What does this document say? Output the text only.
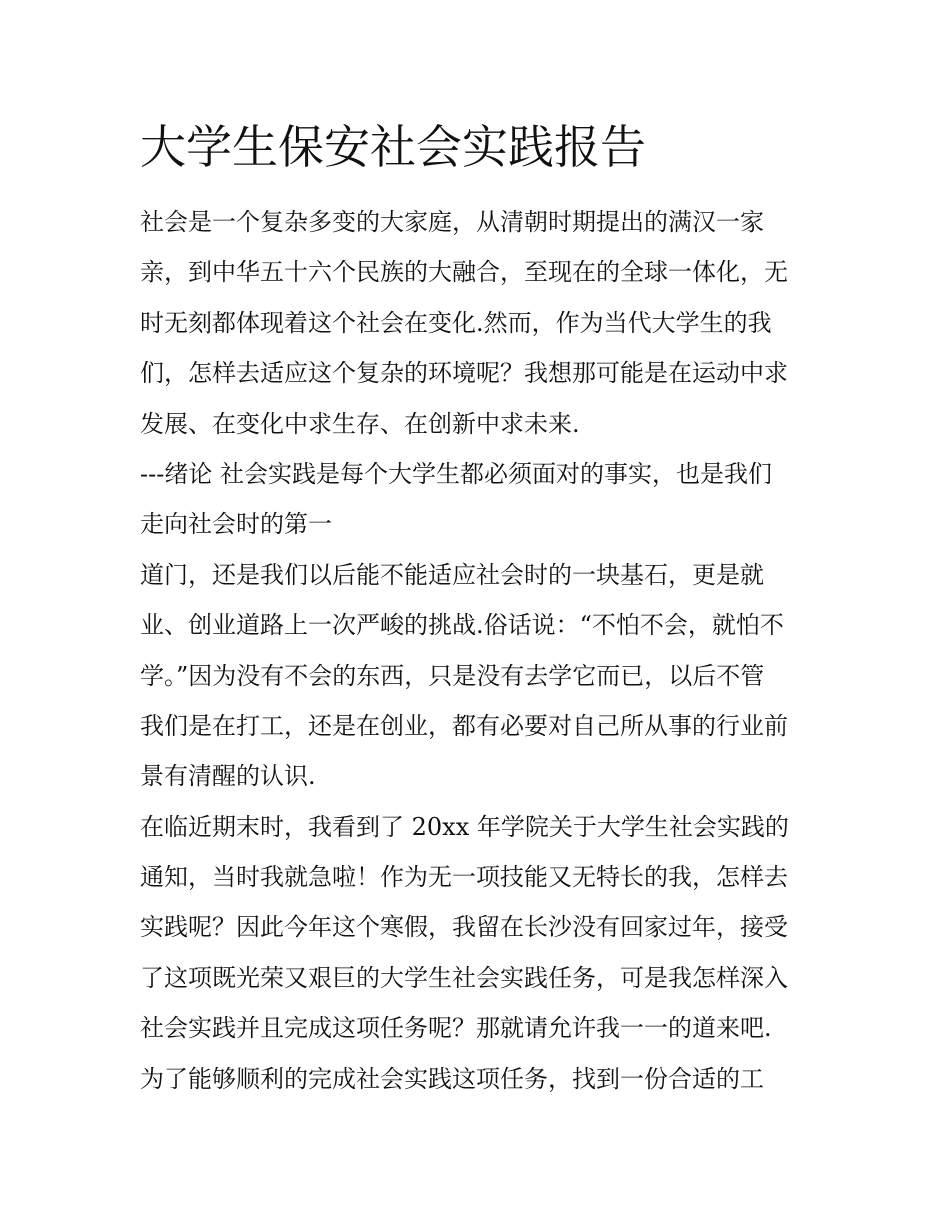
大学生保安社会实践报告
社会是一个复杂多变的大家庭，从清朝时期提出的满汉一家
亲，到中华五十六个民族的大融合，至现在的全球一体化，无
时无刻都体现着这个社会在变化.然而，作为当代大学生的我
们，怎样去适应这个复杂的环境呢？我想那可能是在运动中求
发展、在变化中求生存、在创新中求未来.
---绪论 社会实践是每个大学生都必须面对的事实，也是我们
走向社会时的第一
道门，还是我们以后能不能适应社会时的一块基石，更是就
业、创业道路上一次严峻的挑战.俗话说：“不怕不会，就怕不
学。”因为没有不会的东西，只是没有去学它而已，以后不管
我们是在打工，还是在创业，都有必要对自己所从事的行业前
景有清醒的认识.
在临近期末时，我看到了 20xx 年学院关于大学生社会实践的
通知，当时我就急啦！作为无一项技能又无特长的我，怎样去
实践呢？因此今年这个寒假，我留在长沙没有回家过年，接受
了这项既光荣又艰巨的大学生社会实践任务，可是我怎样深入
社会实践并且完成这项任务呢？那就请允许我一一的道来吧.
为了能够顺利的完成社会实践这项任务，找到一份合适的工
